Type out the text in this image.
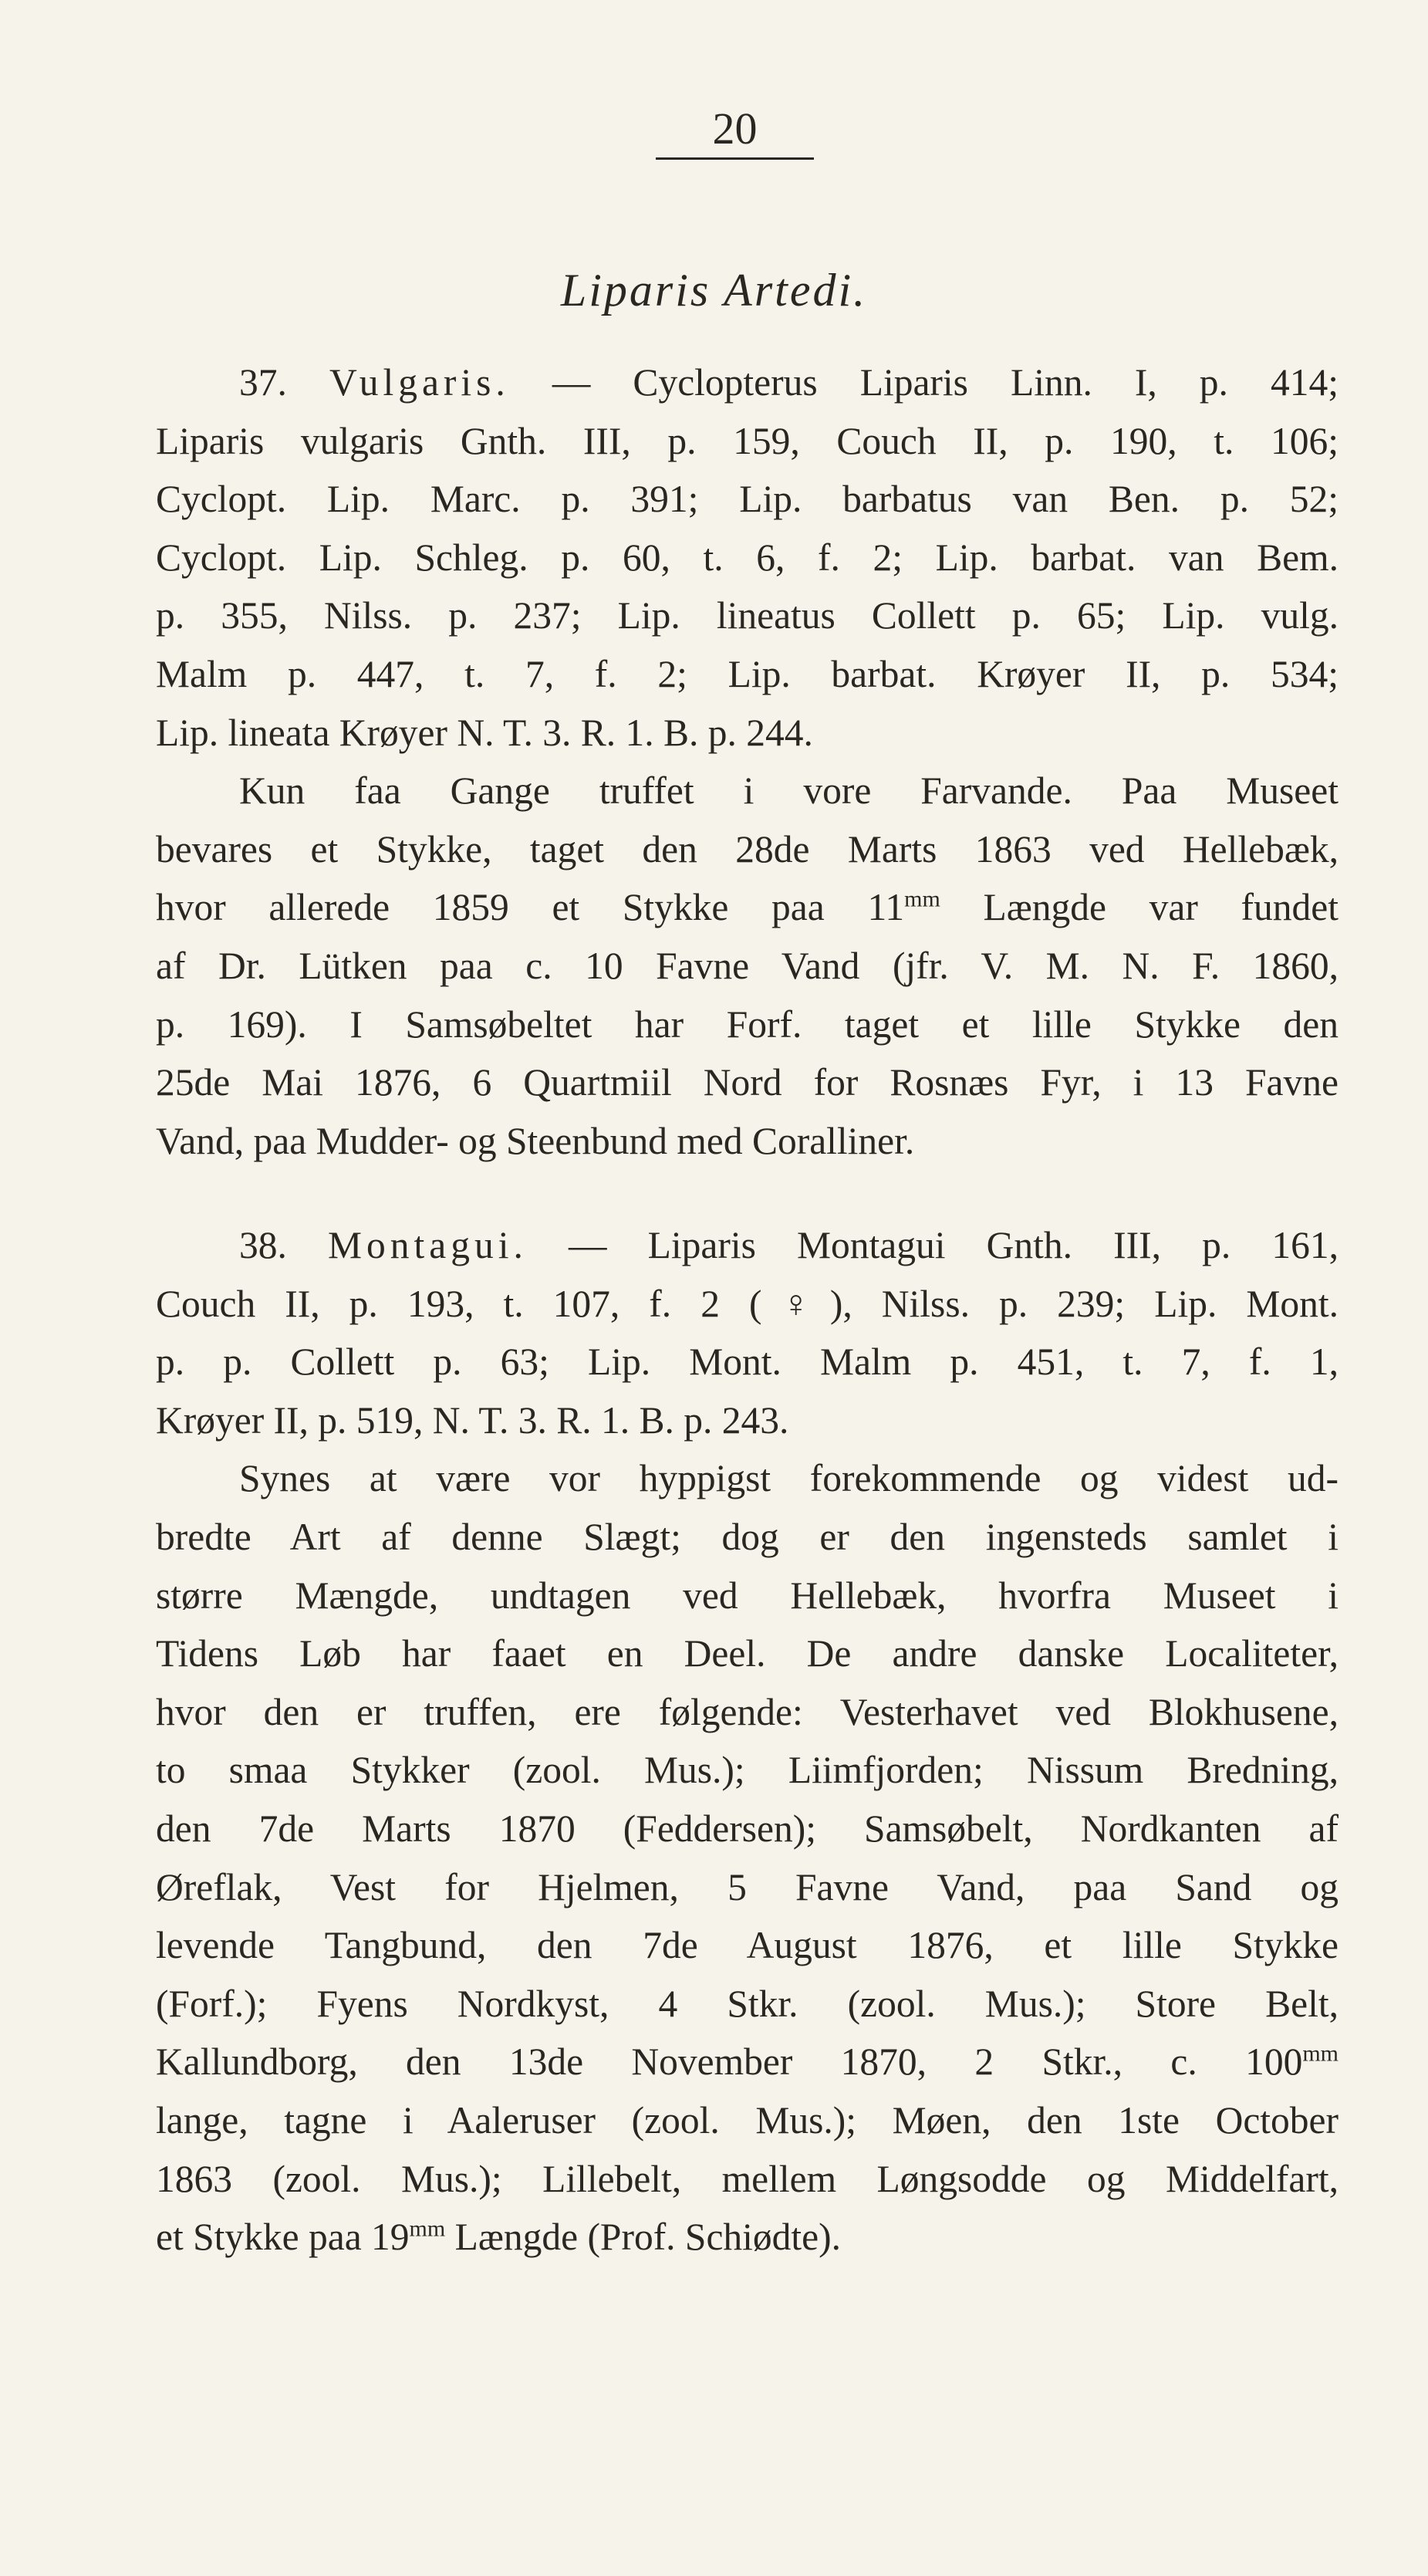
20
Liparis Artedi.

37. Vulgaris. — Cyclopterus Liparis Linn. I, p. 414;
Liparis vulgaris Gnth. III, p. 159, Couch II, p. 190, t. 106;
Cyclopt. Lip. Marc. p. 391; Lip. barbatus van Ben. p. 52;
Cyclopt. Lip. Schleg. p. 60, t. 6, f. 2; Lip. barbat. van Bem.
p. 355, Nilss. p. 237; Lip. lineatus Collett p. 65; Lip. vulg.
Malm p. 447, t. 7, f. 2; Lip. barbat. Krøyer II, p. 534;
Lip. lineata Krøyer N. T. 3. R. 1. B. p. 244.

Kun faa Gange truffet i vore Farvande. Paa Museet
bevares et Stykke, taget den 28de Marts 1863 ved Hellebæk,
hvor allerede 1859 et Stykke paa $11^{mm}$ Længde var fundet
af Dr. Lütken paa c. 10 Favne Vand (jfr. V. M. N. F. 1860,
p. 169). I Samsøbeltet har Forf. taget et lille Stykke den
25de Mai 1876, 6 Quartmiil Nord for Rosnæs Fyr, i 13 Favne
Vand, paa Mudder- og Steenbund med Coralliner.

38. Montagui. — Liparis Montagui Gnth. III, p. 161,
Couch II, p. 193, t. 107, f. 2 (♀), Nilss. p. 239; Lip. Mont.
p. p. Collett p. 63; Lip. Mont. Malm p. 451, t. 7, f. 1,
Krøyer II, p. 519, N. T. 3. R. 1. B. p. 243.

Synes at være vor hyppigst forekommende og videst ud-
bredte Art af denne Slægt; dog er den ingensteds samlet i
større Mængde, undtagen ved Hellebæk, hvorfra Museet i
Tidens Løb har faaet en Deel. De andre danske Localiteter,
hvor den er truffen, ere følgende: Vesterhavet ved Blokhusene,
to smaa Stykker (zool. Mus.); Liimfjorden; Nissum Bredning,
den 7de Marts 1870 (Feddersen); Samsøbelt, Nordkanten af
Øreflak, Vest for Hjelmen, 5 Favne Vand, paa Sand og
levende Tangbund, den 7de August 1876, et lille Stykke
(Forf.); Fyens Nordkyst, 4 Stkr. (zool. Mus.); Store Belt,
Kallundborg, den 13de November 1870, 2 Stkr., c. $100^{mm}$
lange, tagne i Aaleruser (zool. Mus.); Møen, den 1ste October
1863 (zool. Mus.); Lillebelt, mellem Løngsodde og Middelfart,
et Stykke paa $19^{mm}$ Længde (Prof. Schiødte).
